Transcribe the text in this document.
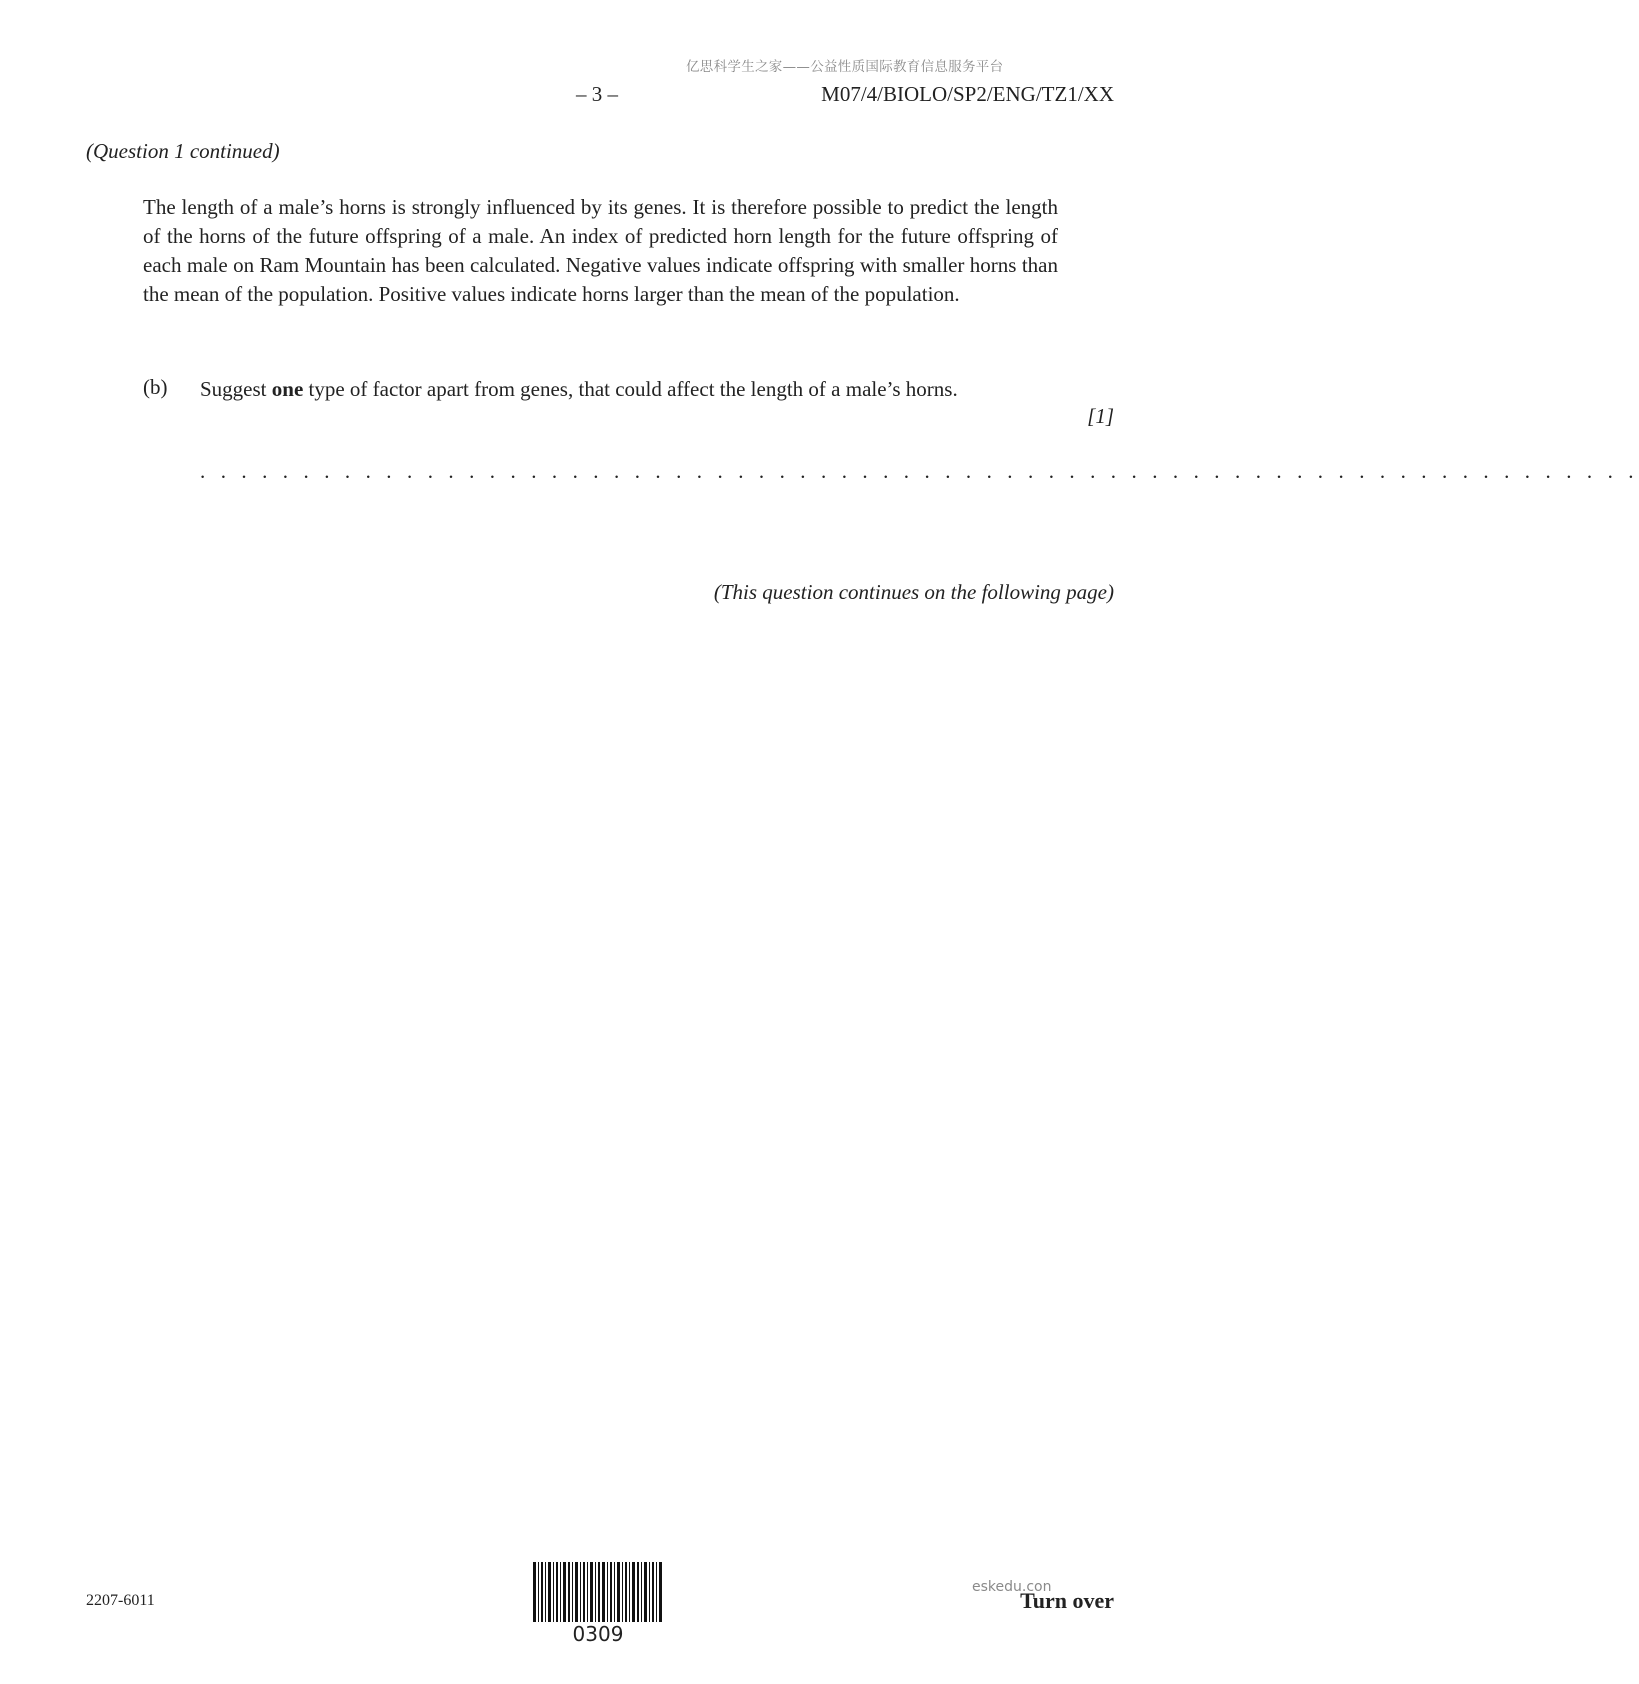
亿思科学生之家——公益性质国际教育信息服务平台
– 3 –	M07/4/BIOLO/SP2/ENG/TZ1/XX
(Question 1 continued)
The length of a male’s horns is strongly influenced by its genes. It is therefore possible to predict the length of the horns of the future offspring of a male. An index of predicted horn length for the future offspring of each male on Ram Mountain has been calculated. Negative values indicate offspring with smaller horns than the mean of the population. Positive values indicate horns larger than the mean of the population.
(b) Suggest one type of factor apart from genes, that could affect the length of a male’s horns.
[1]
. . . . . . . . . . . . . . . . . . . . . . . . . . . . . . . . . . . . . . . . . . . . . . . . . . . . . . . . . . . . . . . . . . . . . .
(This question continues on the following page)
2207-6011
0309
eskedu.con
Turn over
